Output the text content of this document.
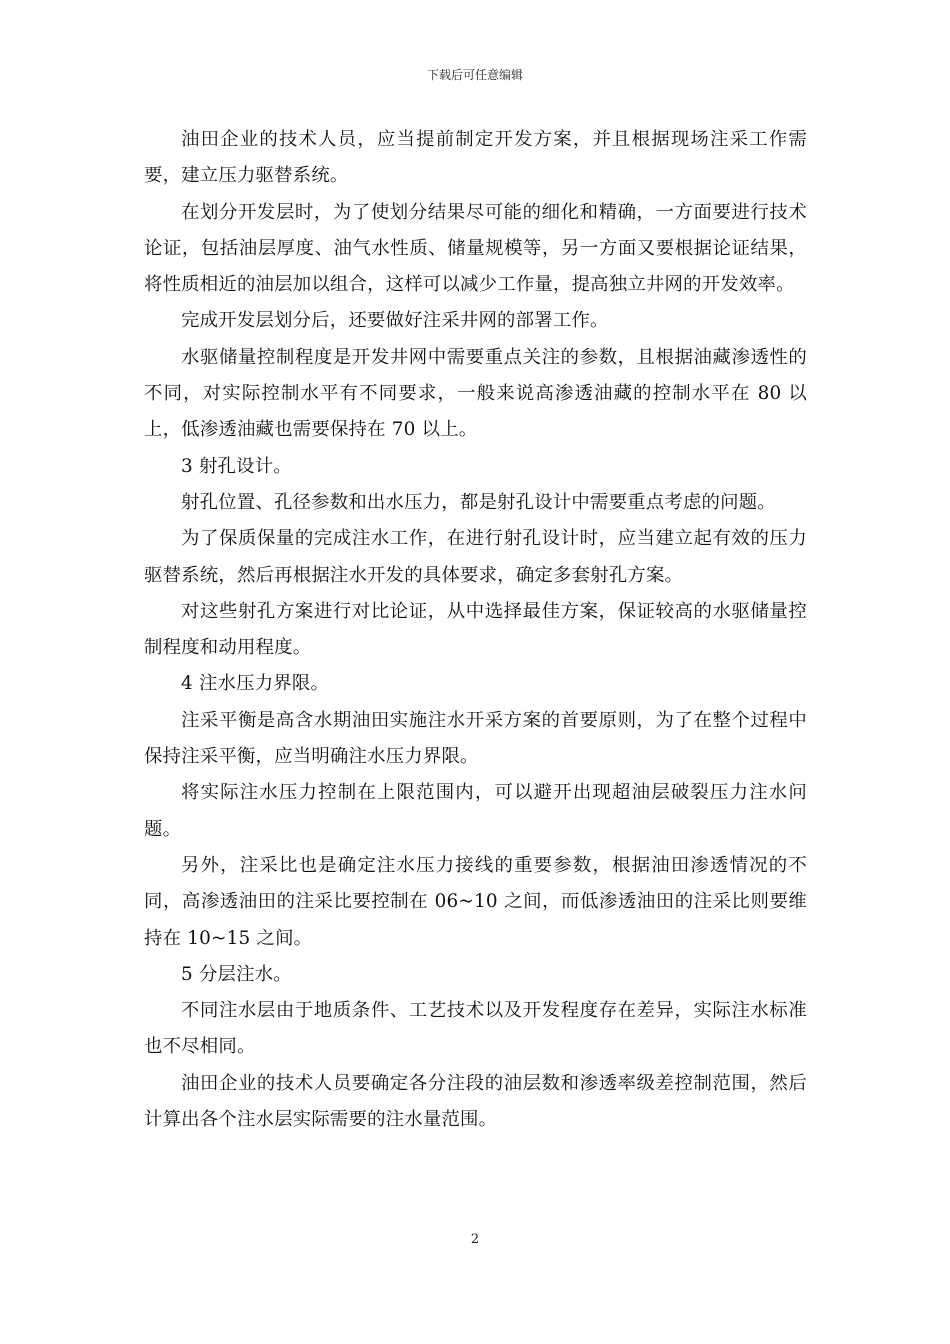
下载后可任意编辑

油田企业的技术人员，应当提前制定开发方案，并且根据现场注采工作需要，建立压力驱替系统。

在划分开发层时，为了使划分结果尽可能的细化和精确，一方面要进行技术论证，包括油层厚度、油气水性质、储量规模等，另一方面又要根据论证结果，将性质相近的油层加以组合，这样可以减少工作量，提高独立井网的开发效率。

完成开发层划分后，还要做好注采井网的部署工作。

水驱储量控制程度是开发井网中需要重点关注的参数，且根据油藏渗透性的不同，对实际控制水平有不同要求，一般来说高渗透油藏的控制水平在 80 以上，低渗透油藏也需要保持在 70 以上。

3 射孔设计。

射孔位置、孔径参数和出水压力，都是射孔设计中需要重点考虑的问题。

为了保质保量的完成注水工作，在进行射孔设计时，应当建立起有效的压力驱替系统，然后再根据注水开发的具体要求，确定多套射孔方案。

对这些射孔方案进行对比论证，从中选择最佳方案，保证较高的水驱储量控制程度和动用程度。

4 注水压力界限。

注采平衡是高含水期油田实施注水开采方案的首要原则，为了在整个过程中保持注采平衡，应当明确注水压力界限。

将实际注水压力控制在上限范围内，可以避开出现超油层破裂压力注水问题。

另外，注采比也是确定注水压力接线的重要参数，根据油田渗透情况的不同，高渗透油田的注采比要控制在 06~10 之间，而低渗透油田的注采比则要维持在 10~15 之间。

5 分层注水。

不同注水层由于地质条件、工艺技术以及开发程度存在差异，实际注水标准也不尽相同。

油田企业的技术人员要确定各分注段的油层数和渗透率级差控制范围，然后计算出各个注水层实际需要的注水量范围。

2
